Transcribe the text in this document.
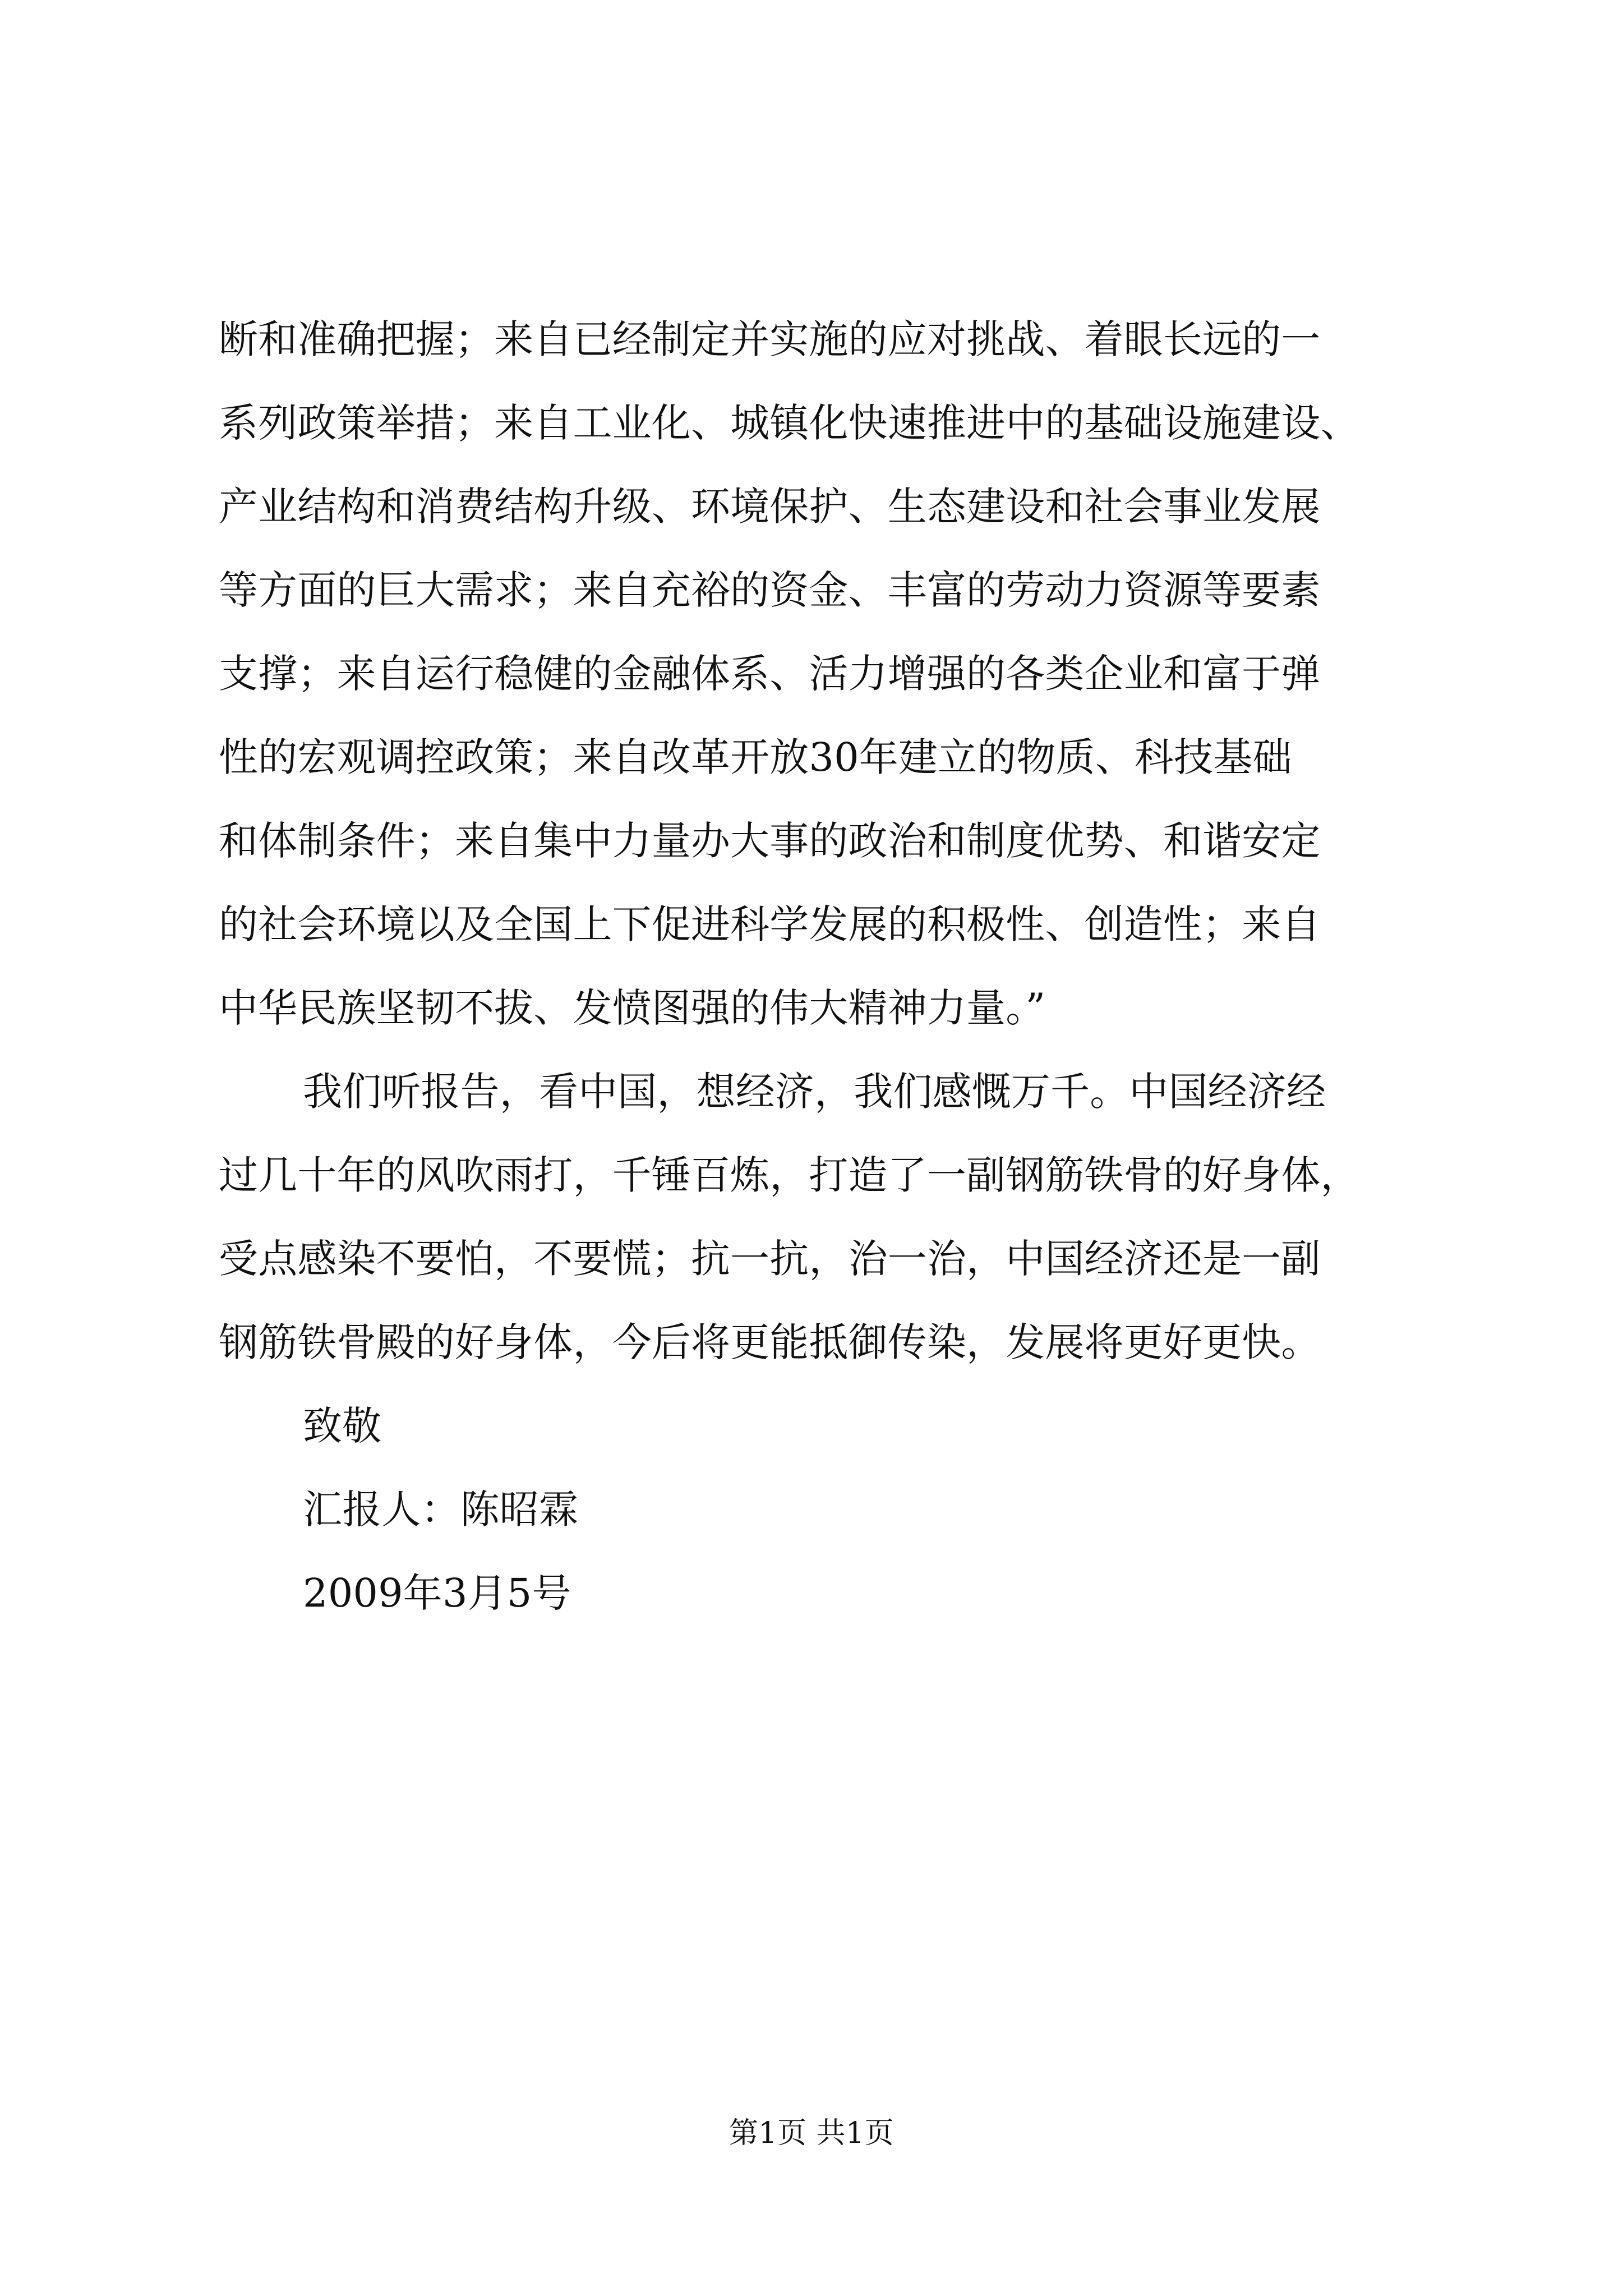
断和准确把握；来自已经制定并实施的应对挑战、着眼长远的一
系列政策举措；来自工业化、城镇化快速推进中的基础设施建设、
产业结构和消费结构升级、环境保护、生态建设和社会事业发展
等方面的巨大需求；来自充裕的资金、丰富的劳动力资源等要素
支撑；来自运行稳健的金融体系、活力增强的各类企业和富于弹
性的宏观调控政策；来自改革开放30年建立的物质、科技基础
和体制条件；来自集中力量办大事的政治和制度优势、和谐安定
的社会环境以及全国上下促进科学发展的积极性、创造性；来自
中华民族坚韧不拔、发愤图强的伟大精神力量。”
我们听报告，看中国，想经济，我们感慨万千。中国经济经
过几十年的风吹雨打，千锤百炼，打造了一副钢筋铁骨的好身体，
受点感染不要怕，不要慌；抗一抗，治一治，中国经济还是一副
钢筋铁骨殿的好身体，今后将更能抵御传染，发展将更好更快。
致敬
汇报人：陈昭霖
2009年3月5号
第1页 共1页
